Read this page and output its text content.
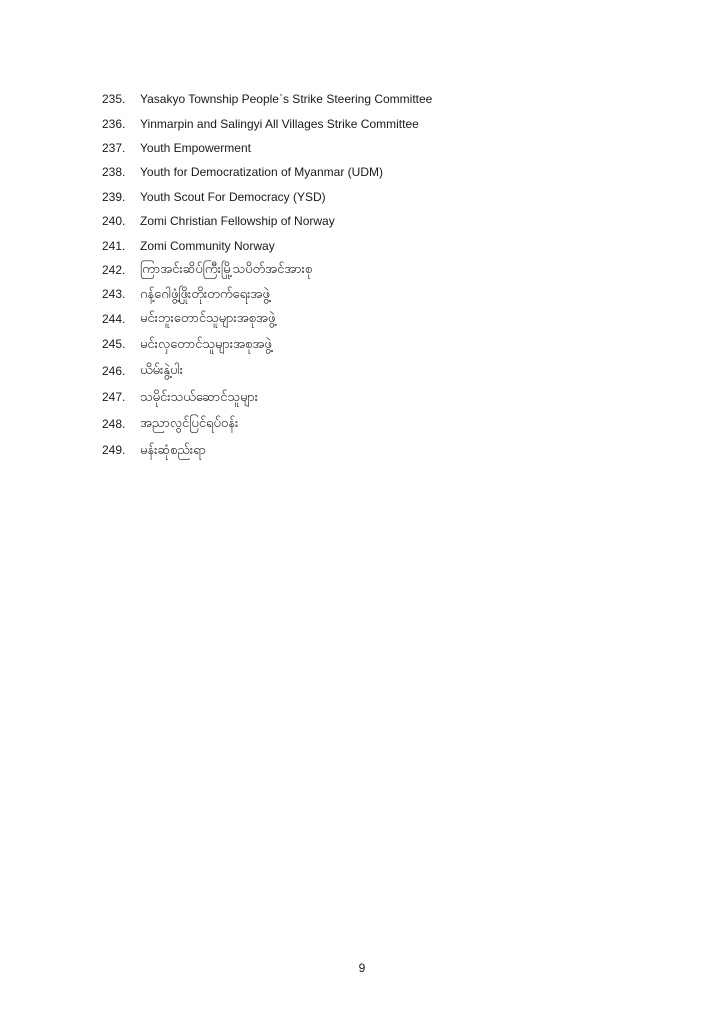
235.	Yasakyo Township People`s Strike Steering Committee
236.	Yinmarpin and Salingyi All Villages Strike Committee
237.	Youth Empowerment
238.	Youth for Democratization of Myanmar (UDM)
239.	Youth Scout For Democracy (YSD)
240.	Zomi Christian Fellowship of Norway
241.	Zomi Community Norway
242.	ကြာအင်းဆိပ်ကြီးမြို့သပိတ်အင်အားစု
243.	ဂန့်ဂေါဖွံ့ဖြိုးတိုးတက်ရေးအဖွဲ့
244.	မင်းဘူးတောင်သူများအစုအဖွဲ့
245.	မင်းလှတောင်သူများအစုအဖွဲ့
246.	ယိမ်းနွဲ့ပါး
247.	သမိုင်းသယ်ဆောင်သူများ
248.	အညာလွင်ပြင်ရပ်ဝန်း
249.	မန်းဆုံစည်းရာ
9
